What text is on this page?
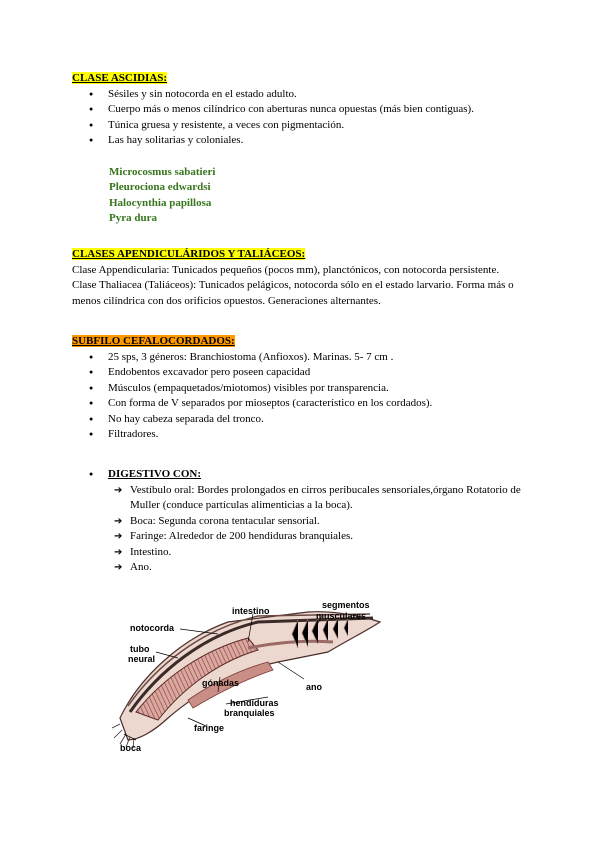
CLASE ASCIDIAS:
● Sésiles y sin notocorda en el estado adulto.
● Cuerpo más o menos cilíndrico con aberturas nunca opuestas (más bien contiguas).
● Túnica gruesa y resistente, a veces con pigmentación.
● Las hay solitarias y coloniales.
Microcosmus sabatieri
Pleurociona edwardsi
Halocynthia papillosa
Pyra dura
CLASES APENDICULÁRIDOS Y TALIÁCEOS:
Clase Appendicularia: Tunicados pequeños (pocos mm), planctónicos, con notocorda persistente.
Clase Thaliacea (Taliáceos): Tunicados pelágicos, notocorda sólo en el estado larvario. Forma más o
menos cilíndrica con dos orificios opuestos. Generaciones alternantes.
SUBFILO CEFALOCORDADOS:
● 25 sps, 3 géneros: Branchiostoma (Anfioxos). Marinas. 5- 7 cm .
● Endobentos excavador pero poseen capacidad
● Músculos (empaquetados/miotomos) visibles por transparencia.
● Con forma de V separados por mioseptos (característico en los cordados).
● No hay cabeza separada del tronco.
● Filtradores.
● DIGESTIVO CON:
➔ Vestíbulo oral: Bordes prolongados en cirros peribucales sensoriales,órgano Rotatorio de Muller (conduce partículas alimenticias a la boca).
➔ Boca: Segunda corona tentacular sensorial.
➔ Faringe: Alrededor de 200 hendiduras branquiales.
➔ Intestino.
➔ Ano.
intestino
segmentos
musculares
notocorda
tubo
neural
gónadas	ano
hendiduras
branquiales
faringe
boca
